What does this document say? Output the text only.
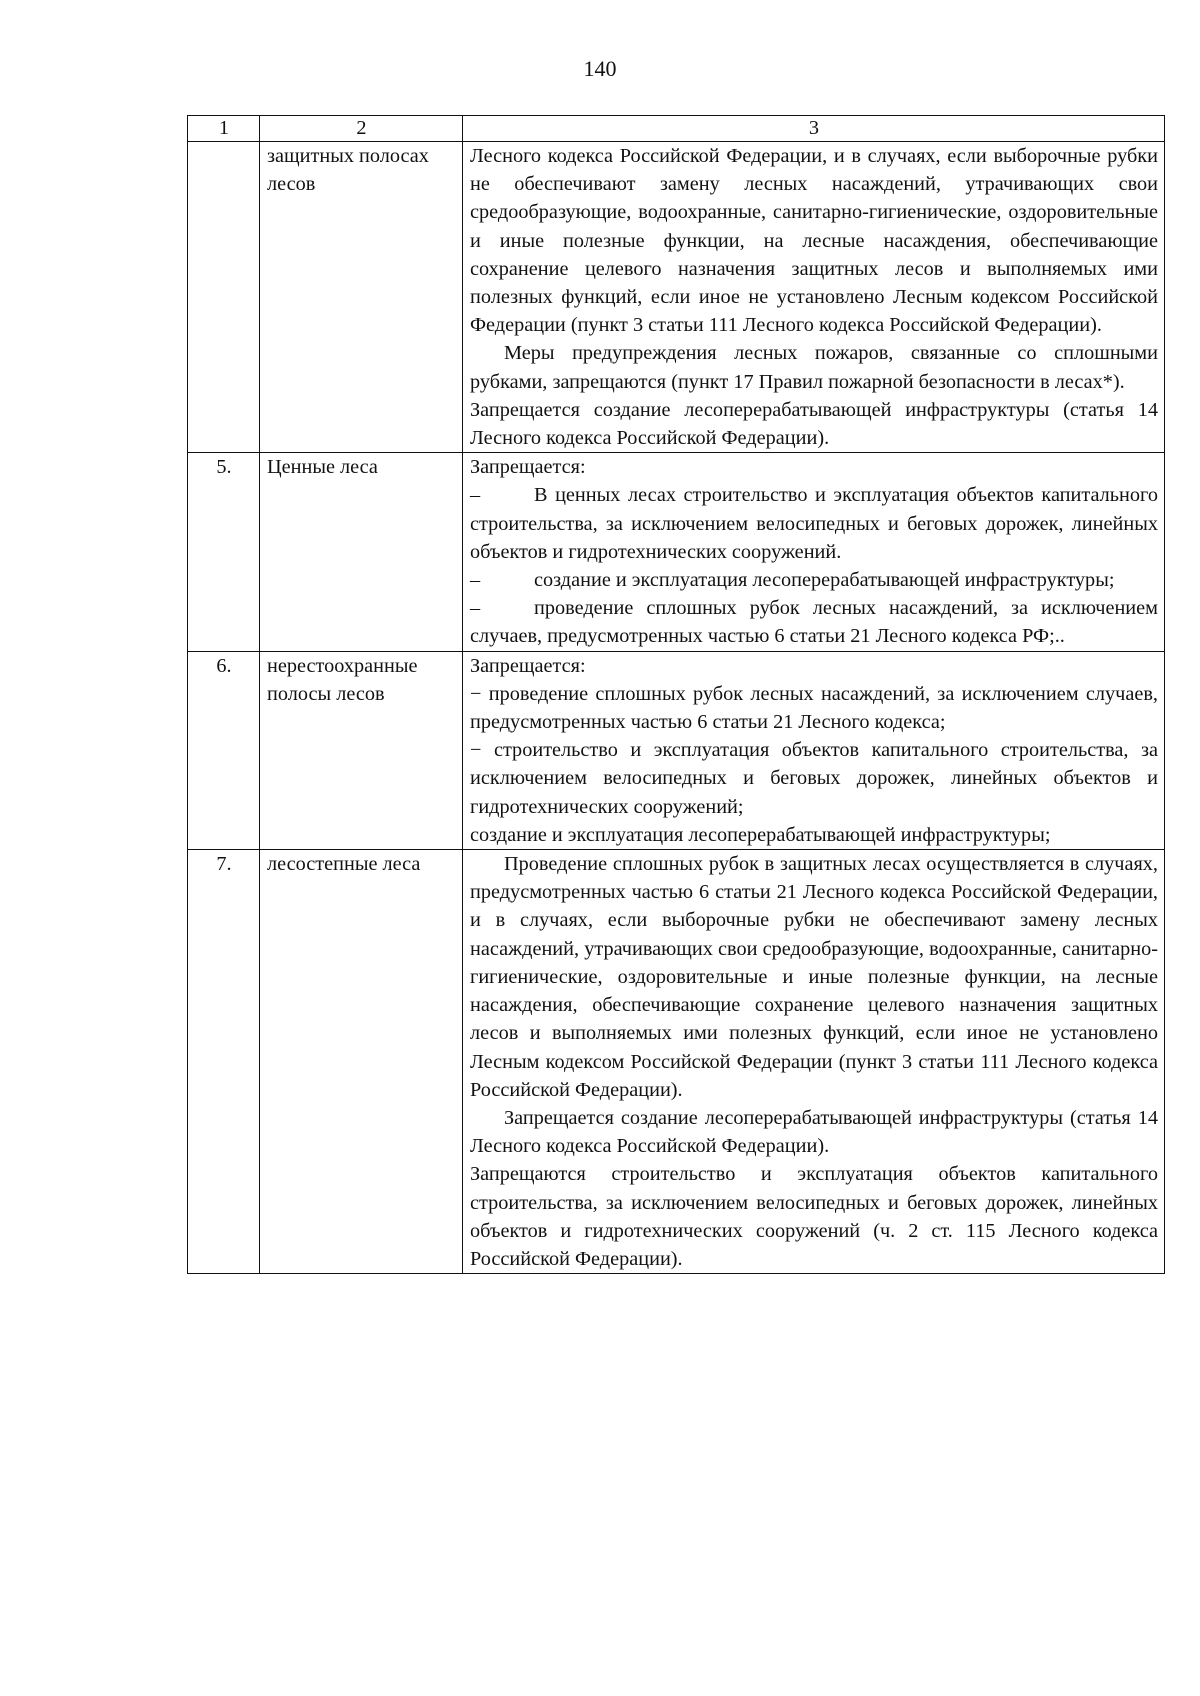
140
1	2	3
	защитных полосах лесов	Лесного кодекса Российской Федерации, и в случаях, если выборочные рубки не обеспечивают замену лесных насаждений, утрачивающих свои средообразующие, водоохранные, санитарно-гигиенические, оздоровительные и иные полезные функции, на лесные насаждения, обеспечивающие сохранение целевого назначения защитных лесов и выполняемых ими полезных функций, если иное не установлено Лесным кодексом Российской Федерации (пункт 3 статьи 111 Лесного кодекса Российской Федерации).

Меры предупреждения лесных пожаров, связанные со сплошными рубками, запрещаются (пункт 17 Правил пожарной безопасности в лесах*).

Запрещается создание лесоперерабатывающей инфраструктуры (статья 14 Лесного кодекса Российской Федерации).

5.	Ценные леса	Запрещается:

– В ценных лесах строительство и эксплуатация объектов капитального строительства, за исключением велосипедных и беговых дорожек, линейных объектов и гидротехнических сооружений.

– создание и эксплуатация лесоперерабатывающей инфраструктуры;

– проведение сплошных рубок лесных насаждений, за исключением случаев, предусмотренных частью 6 статьи 21 Лесного кодекса РФ;..

6.	нерестоохранные полосы лесов	Запрещается:

− проведение сплошных рубок лесных насаждений, за исключением случаев, предусмотренных частью 6 статьи 21 Лесного кодекса;

− строительство и эксплуатация объектов капитального строительства, за исключением велосипедных и беговых дорожек, линейных объектов и гидротехнических сооружений;

создание и эксплуатация лесоперерабатывающей инфраструктуры;

7.	лесостепные леса	Проведение сплошных рубок в защитных лесах осуществляется в случаях, предусмотренных частью 6 статьи 21 Лесного кодекса Российской Федерации, и в случаях, если выборочные рубки не обеспечивают замену лесных насаждений, утрачивающих свои средообразующие, водоохранные, санитарно-гигиенические, оздоровительные и иные полезные функции, на лесные насаждения, обеспечивающие сохранение целевого назначения защитных лесов и выполняемых ими полезных функций, если иное не установлено Лесным кодексом Российской Федерации (пункт 3 статьи 111 Лесного кодекса Российской Федерации).

Запрещается создание лесоперерабатывающей инфраструктуры (статья 14 Лесного кодекса Российской Федерации).

Запрещаются строительство и эксплуатация объектов капитального строительства, за исключением велосипедных и беговых дорожек, линейных объектов и гидротехнических сооружений (ч. 2 ст. 115 Лесного кодекса Российской Федерации).
